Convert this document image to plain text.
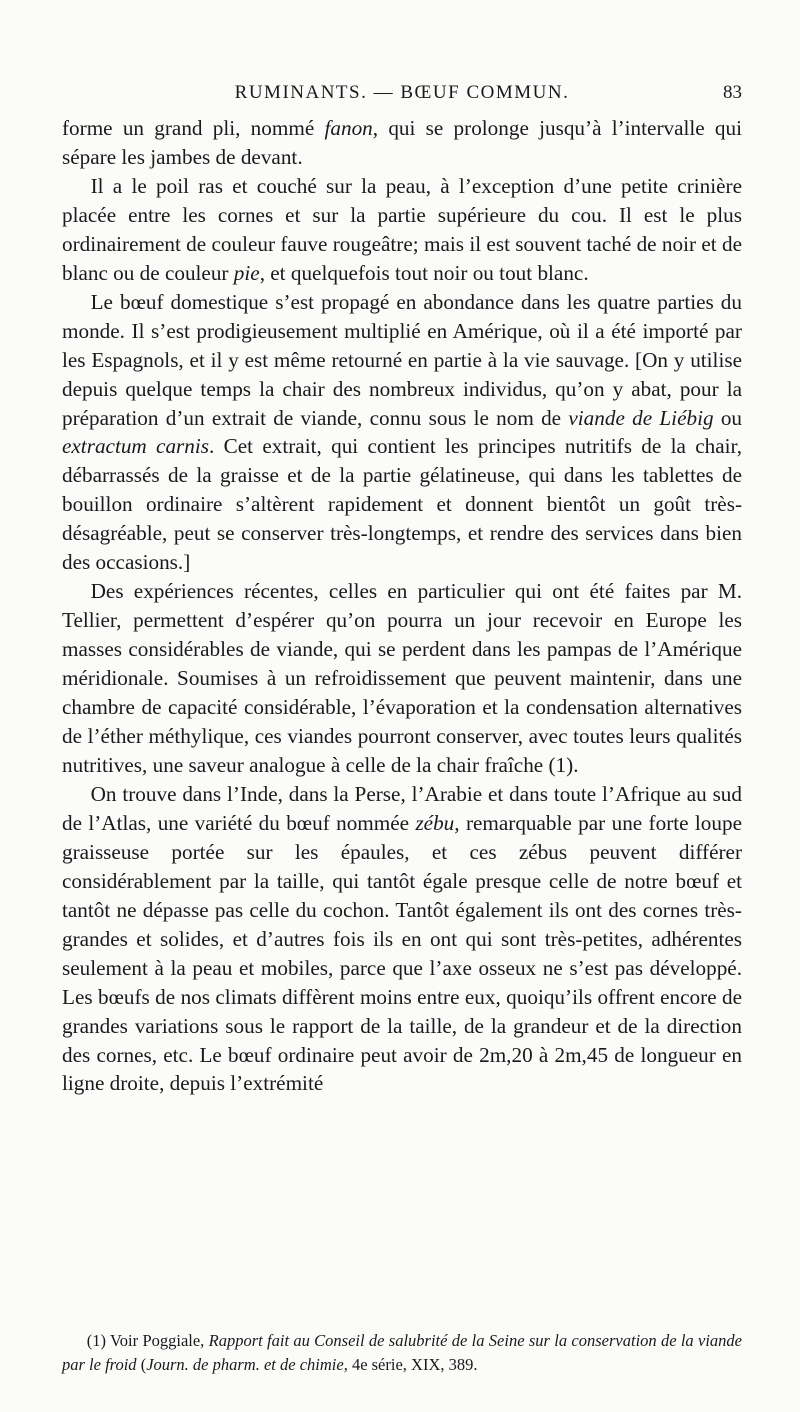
RUMINANTS. — BŒUF COMMUN.	83

forme un grand pli, nommé fanon, qui se prolonge jusqu’à l’intervalle qui sépare les jambes de devant.

Il a le poil ras et couché sur la peau, à l’exception d’une petite crinière placée entre les cornes et sur la partie supérieure du cou. Il est le plus ordinairement de couleur fauve rougeâtre; mais il est souvent taché de noir et de blanc ou de couleur pie, et quelquefois tout noir ou tout blanc.

Le bœuf domestique s’est propagé en abondance dans les quatre parties du monde. Il s’est prodigieusement multiplié en Amérique, où il a été importé par les Espagnols, et il y est même retourné en partie à la vie sauvage. [On y utilise depuis quelque temps la chair des nombreux individus, qu’on y abat, pour la préparation d’un extrait de viande, connu sous le nom de viande de Liébig ou extractum carnis. Cet extrait, qui contient les principes nutritifs de la chair, débarrassés de la graisse et de la partie gélatineuse, qui dans les tablettes de bouillon ordinaire s’altèrent rapidement et donnent bientôt un goût très-désagréable, peut se conserver très-longtemps, et rendre des services dans bien des occasions.]

Des expériences récentes, celles en particulier qui ont été faites par M. Tellier, permettent d’espérer qu’on pourra un jour recevoir en Europe les masses considérables de viande, qui se perdent dans les pampas de l’Amérique méridionale. Soumises à un refroidissement que peuvent maintenir, dans une chambre de capacité considérable, l’évaporation et la condensation alternatives de l’éther méthylique, ces viandes pourront conserver, avec toutes leurs qualités nutritives, une saveur analogue à celle de la chair fraîche (1).

On trouve dans l’Inde, dans la Perse, l’Arabie et dans toute l’Afrique au sud de l’Atlas, une variété du bœuf nommée zébu, remarquable par une forte loupe graisseuse portée sur les épaules, et ces zébus peuvent différer considérablement par la taille, qui tantôt égale presque celle de notre bœuf et tantôt ne dépasse pas celle du cochon. Tantôt également ils ont des cornes très-grandes et solides, et d’autres fois ils en ont qui sont très-petites, adhérentes seulement à la peau et mobiles, parce que l’axe osseux ne s’est pas développé. Les bœufs de nos climats diffèrent moins entre eux, quoiqu’ils offrent encore de grandes variations sous le rapport de la taille, de la grandeur et de la direction des cornes, etc. Le bœuf ordinaire peut avoir de 2m,20 à 2m,45 de longueur en ligne droite, depuis l’extrémité

(1) Voir Poggiale, Rapport fait au Conseil de salubrité de la Seine sur la conservation de la viande par le froid (Journ. de pharm. et de chimie, 4e série, XIX, 389.
